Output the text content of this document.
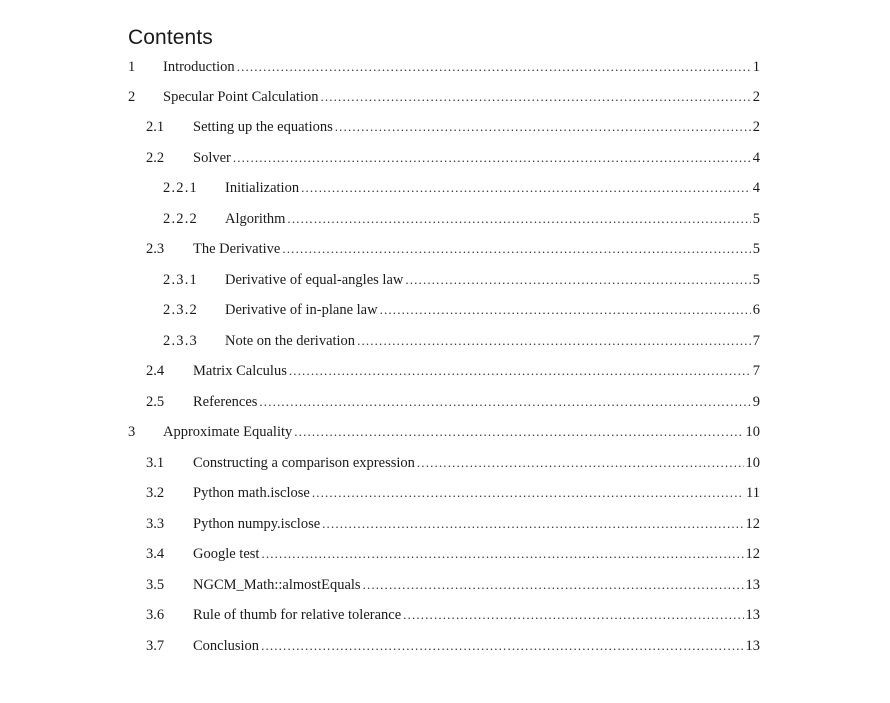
Contents
1	Introduction .....	1
2	Specular Point Calculation .....	2
2.1	Setting up the equations .....	2
2.2	Solver .....	4
2.2.1	Initialization .....	4
2.2.2	Algorithm .....	5
2.3	The Derivative .....	5
2.3.1	Derivative of equal-angles law .....	5
2.3.2	Derivative of in-plane law .....	6
2.3.3	Note on the derivation .....	7
2.4	Matrix Calculus .....	7
2.5	References .....	9
3	Approximate Equality .....	10
3.1	Constructing a comparison expression .....	10
3.2	Python math.isclose .....	11
3.3	Python numpy.isclose .....	12
3.4	Google test .....	12
3.5	NGCM_Math::almostEquals .....	13
3.6	Rule of thumb for relative tolerance .....	13
3.7	Conclusion .....	13
